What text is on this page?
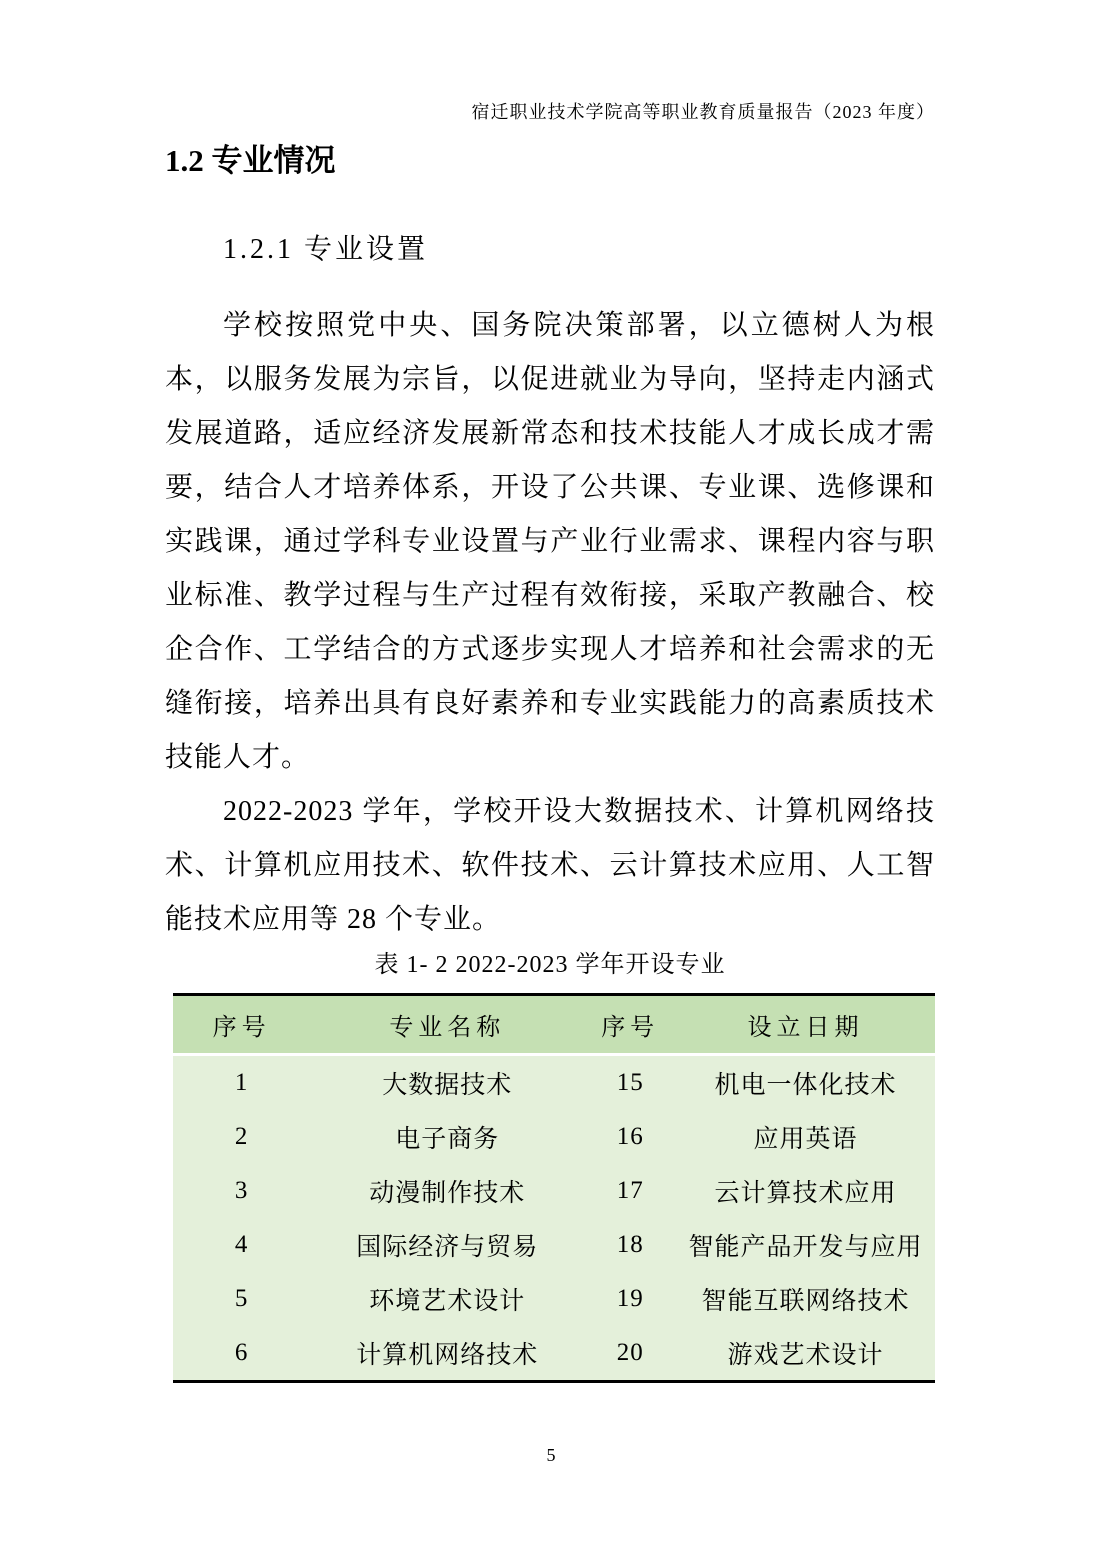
宿迁职业技术学院高等职业教育质量报告（2023 年度）
1.2 专业情况
1.2.1 专业设置

学校按照党中央、国务院决策部署，以立德树人为根本，以服务发展为宗旨，以促进就业为导向，坚持走内涵式发展道路，适应经济发展新常态和技术技能人才成长成才需要，结合人才培养体系，开设了公共课、专业课、选修课和实践课，通过学科专业设置与产业行业需求、课程内容与职业标准、教学过程与生产过程有效衔接，采取产教融合、校企合作、工学结合的方式逐步实现人才培养和社会需求的无缝衔接，培养出具有良好素养和专业实践能力的高素质技术技能人才。

2022-2023 学年，学校开设大数据技术、计算机网络技术、计算机应用技术、软件技术、云计算技术应用、人工智能技术应用等 28 个专业。

表 1- 2 2022-2023 学年开设专业
序号	专业名称	序号	设立日期
1	大数据技术	15	机电一体化技术
2	电子商务	16	应用英语
3	动漫制作技术	17	云计算技术应用
4	国际经济与贸易	18	智能产品开发与应用
5	环境艺术设计	19	智能互联网络技术
6	计算机网络技术	20	游戏艺术设计
5
